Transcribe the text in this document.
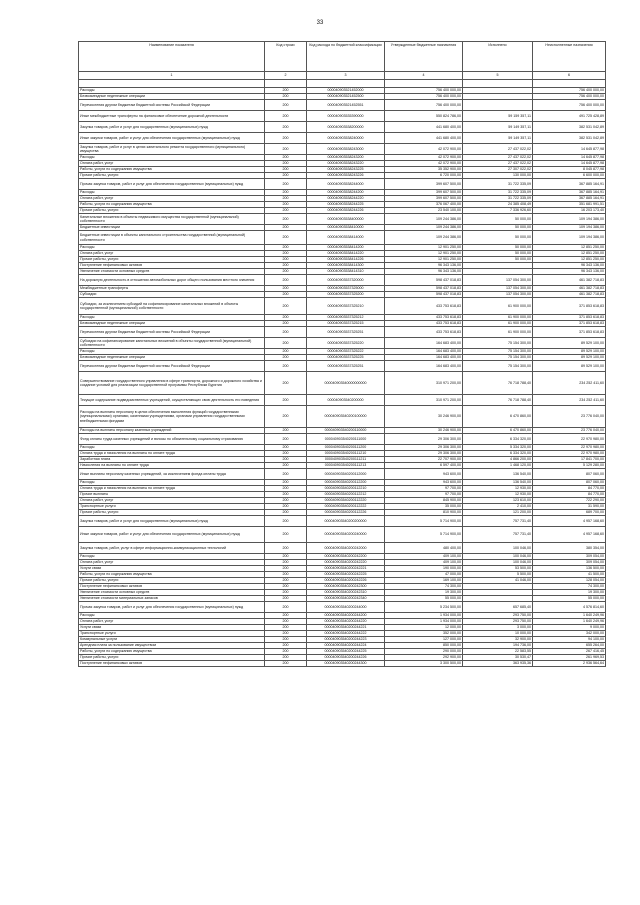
33
Наименование показателя	Код строки	Код расхода по бюджетной классификации	Утвержденные бюджетные назначения	Исполнено	Неисполненные назначения
1	2	3	4	5	6

Расходы	200	000040903521452000	756 400 000,00		756 400 000,00
Безвозмездные неденежные операции	200	000040903521452500	756 400 000,00		756 400 000,00
Перечисления другим бюджетам бюджетной системы Российской Федерации	200	000040903521452551	756 400 000,00		756 400 000,00
Иные межбюджетные трансферты на финансовое обеспечение дорожной деятельности	200	000040903535390000	550 824 786,00	59 159 357,11	491 725 428,89
Закупка товаров, работ и услуг для государственных (муниципальных) нужд	200	000040903538200000	441 680 400,00	59 149 357,11	382 531 042,89
Иные закупки товаров, работ и услуг для обеспечения государственных (муниципальных) нужд	200	000040903538240000	441 680 400,00	59 149 357,11	382 531 042,89
Закупка товаров, работ и услуг в целях капитального ремонта государственного (муниципального) имущества	200	000040903538243000	42 072 900,00	27 437 022,02	14 645 877,98
Расходы	200	000040903538243200	42 072 900,00	27 437 022,02	14 645 877,98
Оплата работ, услуг	200	000040903538243220	42 072 900,00	27 437 022,02	14 645 877,98
Работы, услуги по содержанию имущества	200	000040903538243225	35 352 900,00	27 307 022,02	8 045 877,98
Прочие работы, услуги	200	000040903538243226	6 720 000,00	130 000,00	6 600 000,00
Прочая закупка товаров, работ и услуг для обеспечения государственных (муниципальных) нужд	200	000040903538244000	399 607 500,00	31 722 335,09	367 885 164,91
Расходы	200	000040903538244200	399 607 500,00	31 722 335,09	367 885 164,91
Оплата работ, услуг	200	000040903538244220	399 607 500,00	31 722 335,09	367 885 164,91
Работы, услуги по содержанию имущества	200	000040903538244225	376 067 400,00	24 385 408,49	351 681 991,51
Прочие работы, услуги	200	000040903538244226	23 540 100,00	7 336 926,60	16 203 173,40
Капитальные вложения в объекты недвижимого имущества государственной (муниципальной) собственности	200	000040903538400000	109 244 386,00	50 000,00	109 194 386,00
Бюджетные инвестиции	200	000040903538410000	109 244 386,00	50 000,00	109 194 386,00
Бюджетные инвестиции в объекты капитального строительства государственной (муниципальной) собственности	200	000040903538414000	109 244 386,00	50 000,00	109 194 386,00
Расходы	200	000040903538414200	12 901 250,00	50 000,00	12 851 250,00
Оплата работ, услуг	200	000040903538414220	12 901 250,00	50 000,00	12 851 250,00
Прочие работы, услуги	200	000040903538414226	12 901 250,00	50 000,00	12 851 250,00
Поступление нефинансовых активов	200	000040903538414300	96 343 136,00		96 343 136,00
Увеличение стоимости основных средств	200	000040903538414310	96 343 136,00		96 343 136,00
На дорожную деятельность в отношении автомобильных дорог общего пользования местного значения	200	000040903537320000	598 437 018,83	137 054 300,00	461 382 718,83
Межбюджетные трансферты	200	000040903537325000	598 437 018,83	137 054 300,00	461 382 718,83
Субсидии	200	000040903537325200	598 437 018,83	137 054 300,00	461 382 718,83
Субсидии, за исключением субсидий на софинансирование капитальных вложений в объекты государственной (муниципальной) собственности	200	000040903537325210	433 753 618,83	61 900 000,00	371 853 618,83
Расходы	200	000040903537325212	433 753 618,83	61 900 000,00	371 853 618,83
Безвозмездные неденежные операции	200	000040903537325215	433 753 618,83	61 900 000,00	371 853 618,83
Перечисления другим бюджетам бюджетной системы Российской Федерации	200	000040903537325251	433 753 618,83	61 900 000,00	371 853 618,83
Субсидии на софинансирование капитальных вложений в объекты государственной (муниципальной) собственности	200	000040903537325220	164 683 400,00	75 154 300,00	89 529 100,00
Расходы	200	000040903537325222	164 683 400,00	75 154 300,00	89 529 100,00
Безвозмездные неденежные операции	200	000040903537325225	164 683 400,00	75 154 300,00	89 529 100,00
Перечисления другим бюджетам бюджетной системы Российской Федерации	200	000040903537325251	164 683 400,00	75 154 300,00	89 529 100,00
Совершенствование государственного управления в сфере транспорта, дорожного и дорожного хозяйства и создание условий для реализации государственной программы Республики Бурятия	200	000040903540000000000	310 971 200,00	76 718 788,40	234 252 411,60
Текущие содержание подведомственных учреждений, осуществляющих свою деятельность его поведения	200	000040903540200000	310 971 200,00	76 718 788,40	234 252 411,60
Расходы на выплаты персоналу в целях обеспечения выполнения функций государственными (муниципальными) органами, казенными учреждениями, органами управления государственными внебюджетными фондами	200	000040903540200100000	30 246 900,00	6 470 860,00	23 776 040,00
Расходы на выплаты персоналу казенных учреждений	200	000040903540200110000	30 246 900,00	6 470 860,00	23 776 040,00
Фонд оплаты труда казенных учреждений и взносы по обязательному социальному страхованию	200	000040903540200111000	29 306 300,00	6 334 320,00	22 970 980,00
Расходы	200	000040903540200111200	29 306 300,00	5 334 320,00	22 970 980,00
Оплата труда и начисления на выплаты по оплате труда	200	000040903540200111210	29 306 300,00	6 334 320,00	22 970 980,00
Заработная плата	200	000040903540200111211	22 707 900,00	4 866 200,00	17 841 700,00
Начисления на выплаты по оплате труда	200	000040903540200111213	6 597 400,00	1 468 120,00	5 129 280,00
Иные выплаты персоналу казенных учреждений, за исключением фонда оплаты труда	200	000040903540200112000	943 600,00	136 540,00	807 060,00
Расходы	200	000040903540200112200	943 600,00	136 540,00	807 060,00
Оплата труда и начисления на выплаты по оплате труда	200	000040903540200112210	97 700,00	12 930,00	84 770,00
Прочие выплаты	200	000040903540200112212	97 700,00	12 930,00	84 770,00
Оплата работ, услуг	200	000040903540200112220	845 900,00	123 610,00	722 290,00
Транспортные услуги	200	000040903540200112222	35 000,00	2 410,00	31 590,00
Прочие работы, услуги	200	000040903540200112226	810 900,00	121 200,00	689 700,00
Закупка товаров, работ и услуг для государственных (муниципальных) нужд	200	000040903540200200000	5 714 900,00	757 731,40	4 957 168,60
Иные закупки товаров, работ и услуг для обеспечения государственных (муниципальных) нужд	200	000040903540200240000	5 714 900,00	757 731,40	4 957 168,60
Закупка товаров, работ, услуг в сфере информационно-коммуникационных технологий	200	000040903540200242000	480 400,00	100 046,00	380 354,00
Расходы	200	000040903540200242200	409 100,00	100 046,00	309 054,00
Оплата работ, услуг	200	000040903540200242220	409 100,00	100 046,00	309 054,00
Услуги связи	200	000040903540200242221	190 000,00	53 500,00	136 500,00
Работы, услуги по содержанию имущества	200	000040903540200242225	47 000,00	5 500,00	41 500,00
Прочие работы, услуги	200	000040903540200242226	169 100,00	41 046,00	128 054,00
Поступление нефинансовых активов	200	000040903540200242300	74 300,00		74 300,00
Увеличение стоимости основных средств	200	000040903540200242310	19 300,00		19 300,00
Увеличение стоимости материальных запасов	200	000040903540200242340	55 000,00		55 000,00
Прочая закупка товаров, работ и услуг для обеспечения государственных (муниципальных) нужд	200	000040903540200244000	5 234 500,00	657 685,40	4 576 814,60
Расходы	200	000040903540200244200	1 934 000,00	293 750,00	1 640 249,96
Оплата работ, услуг	200	000040903540200244220	1 934 000,00	293 750,00	1 640 249,96
Услуги связи	200	000040903540200244221	12 000,00	3 000,00	9 000,00
Транспортные услуги	200	000040903540200244222	352 000,00	10 000,00	342 000,00
Коммунальные услуги	200	000040903540200244223	127 000,00	32 900,00	94 100,00
Арендная плата за пользование имуществом	200	000040903540200244224	850 000,00	194 736,00	655 264,00
Работы, услуги по содержанию имущества	200	000040903540200244225	290 000,00	22 583,55	267 416,45
Прочие работы, услуги	200	000040903540200244226	292 900,00	30 530,47	261 969,53
Поступление нефинансовых активов	200	000040903540200244300	3 300 500,00	363 935,36	2 936 564,64
